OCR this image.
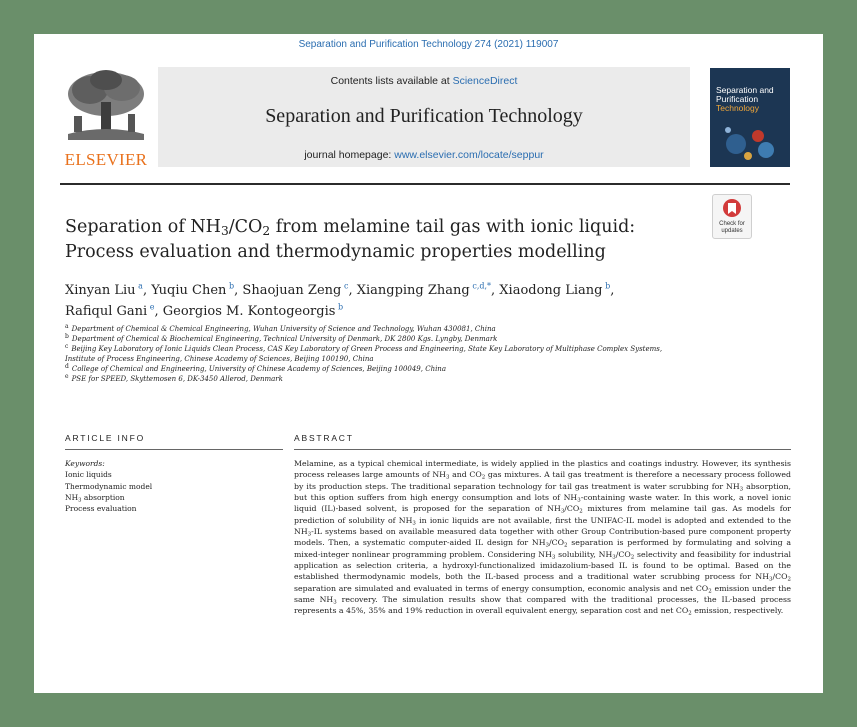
Separation and Purification Technology 274 (2021) 119007
ELSEVIER
Contents lists available at ScienceDirect
Separation and Purification Technology
journal homepage: www.elsevier.com/locate/seppur
Separation and
Purification
Technology
Check for
updates
Separation of $NH_3/CO_2$ from melamine tail gas with ionic liquid: Process evaluation and thermodynamic properties modelling
Xinyan Liu  $^a$, Yuqiu Chen  $^b$, Shaojuan Zeng  $^c$, Xiangping Zhang  $^{c,d,*}$, Xiaodong Liang  $^b$,
Rafiqul Gani  $^e$, Georgios M. Kontogeorgis  $^b$
a Department of Chemical & Chemical Engineering, Wuhan University of Science and Technology, Wuhan 430081, China
b Department of Chemical & Biochemical Engineering, Technical University of Denmark, DK 2800 Kgs. Lyngby, Denmark
c Beijing Key Laboratory of Ionic Liquids Clean Process, CAS Key Laboratory of Green Process and Engineering, State Key Laboratory of Multiphase Complex Systems,
Institute of Process Engineering, Chinese Academy of Sciences, Beijing 100190, China
d College of Chemical and Engineering, University of Chinese Academy of Sciences, Beijing 100049, China
e PSE for SPEED, Skyttemosen 6, DK-3450 Allerod, Denmark
ARTICLE INFO	ABSTRACT
Keywords:
Ionic liquids
Thermodynamic model
$NH_3$ absorption
Process evaluation
Melamine, as a typical chemical intermediate, is widely applied in the plastics and coatings industry. However, its synthesis process releases large amounts of $NH_3$ and $CO_2$ gas mixtures. A tail gas treatment is therefore a necessary process followed by its production steps. The traditional separation technology for tail gas treatment is water scrubbing for $NH_3$ absorption, but this option suffers from high energy consumption and lots of $NH_3$-containing waste water. In this work, a novel ionic liquid (IL)-based solvent, is proposed for the separation of $NH_3/CO_2$ mixtures from melamine tail gas. As models for prediction of solubility of $NH_3$ in ionic liquids are not available, first the UNIFAC-IL model is adopted and extended to the $NH_3-IL$ systems based on available measured data together with other Group Contribution-based pure component property models. Then, a systematic computer-aided IL design for $NH_3/CO_2$ separation is performed by formulating and solving a mixed-integer nonlinear programming problem. Considering $NH_3$ solubility, $NH_3/CO_2$ selectivity and feasibility for industrial application as selection criteria, a hydroxyl-functionalized imidazolium-based IL is found to be optimal. Based on the established thermodynamic models, both the IL-based process and a traditional water scrubbing process for $NH_3/CO_2$ separation are simulated and evaluated in terms of energy consumption, economic analysis and net $CO_2$ emission under the same $NH_3$ recovery. The simulation results show that compared with the traditional processes, the IL-based process represents a 45%, 35% and 19% reduction in overall equivalent energy, separation cost and net $CO_2$ emission, respectively.
